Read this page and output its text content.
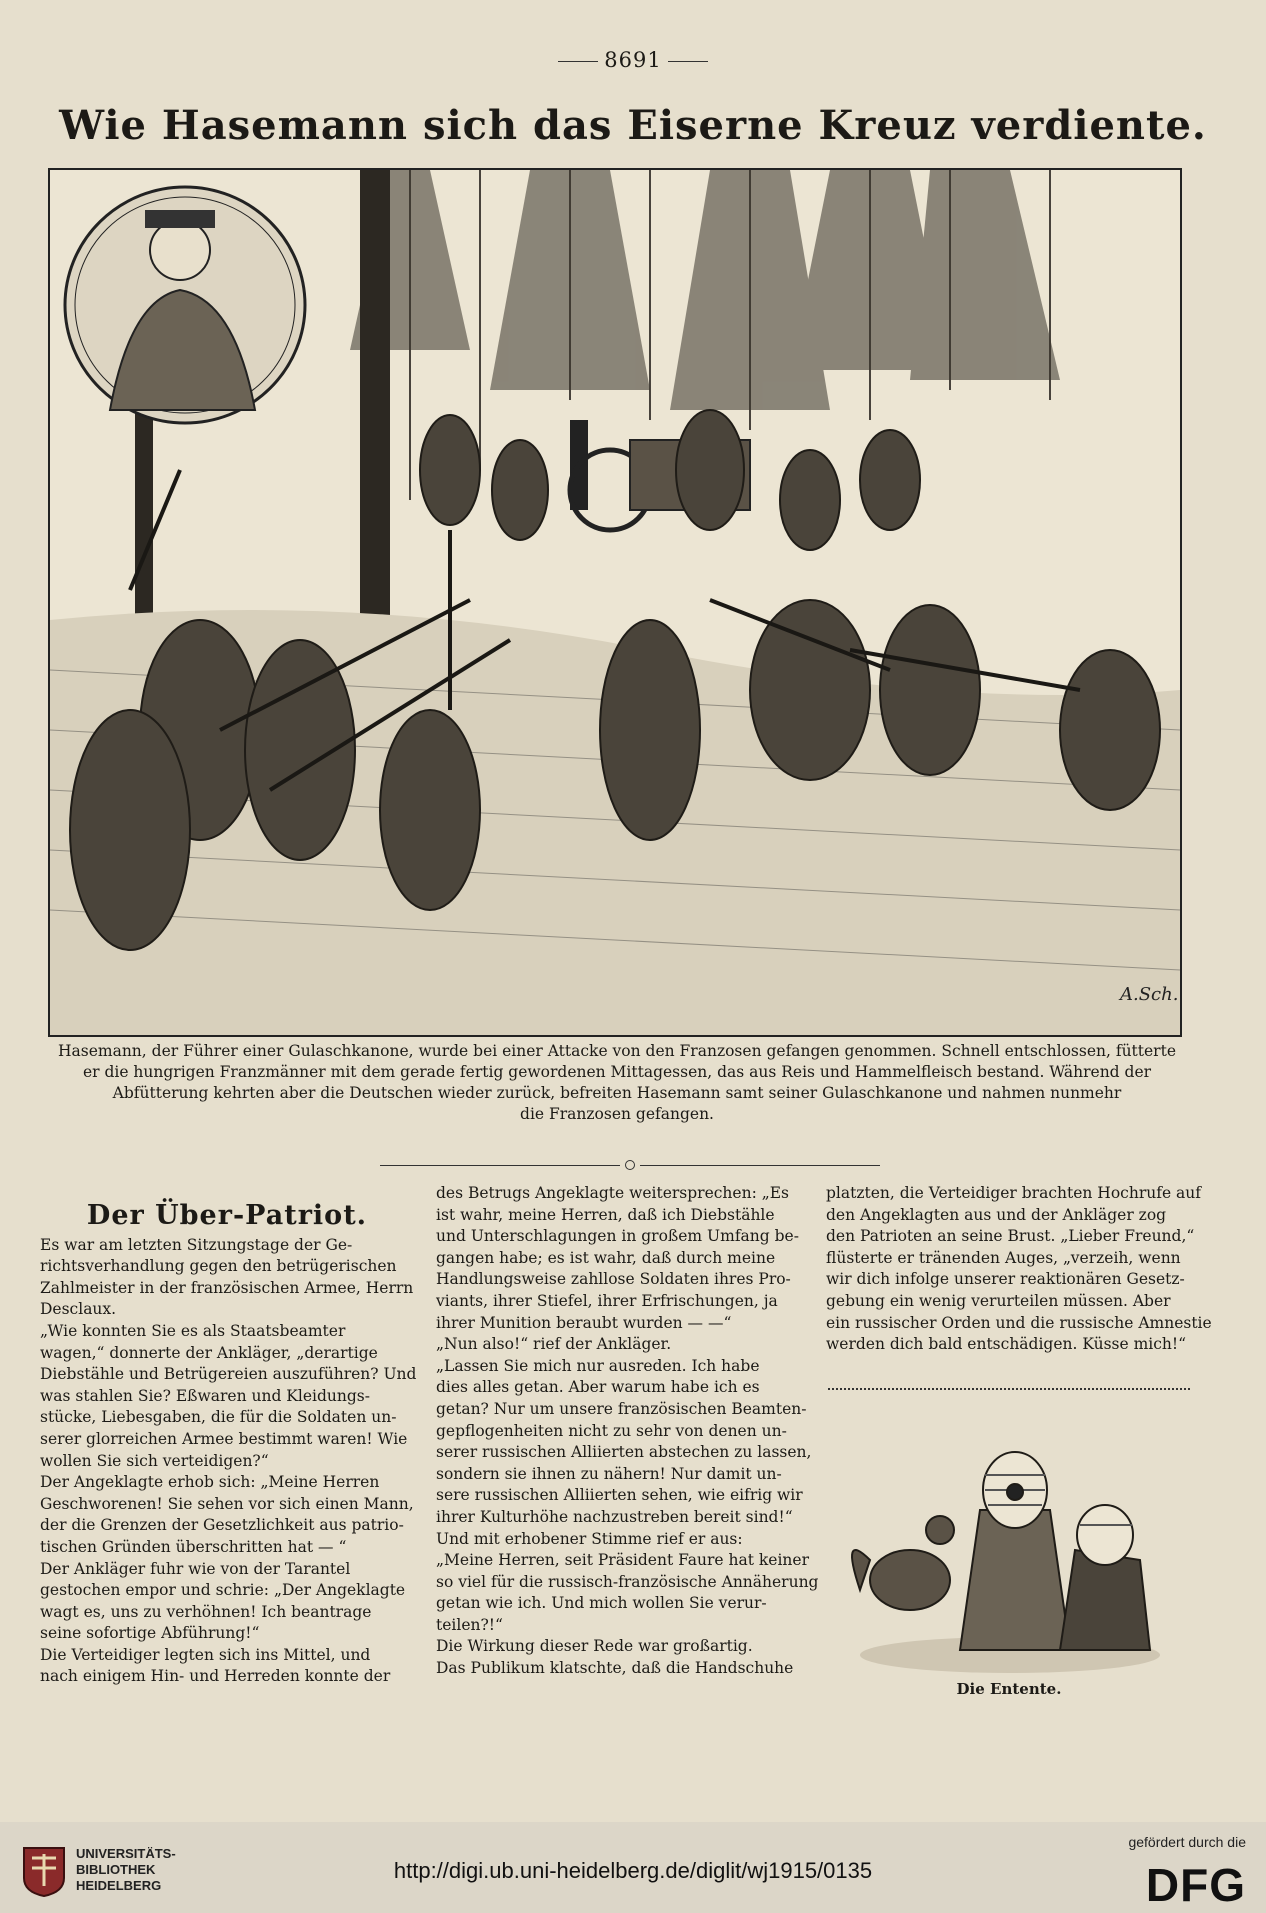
8691
Wie Hasemann sich das Eiserne Kreuz verdiente.
A.Sch.
Hasemann, der Führer einer Gulaschkanone, wurde bei einer Attacke von den Franzosen gefangen genommen. Schnell entschlossen, fütterte
er die hungrigen Franzmänner mit dem gerade fertig gewordenen Mittagessen, das aus Reis und Hammelfleisch bestand. Während der
Abfütterung kehrten aber die Deutschen wieder zurück, befreiten Hasemann samt seiner Gulaschkanone und nahmen nunmehr
die Franzosen gefangen.
Der Über-Patriot.
Es war am letzten Sitzungstage der Ge-
richtsverhandlung gegen den betrügerischen
Zahlmeister in der französischen Armee, Herrn
Desclaux.
„Wie konnten Sie es als Staatsbeamter
wagen,“ donnerte der Ankläger, „derartige
Diebstähle und Betrügereien auszuführen? Und
was stahlen Sie? Eßwaren und Kleidungs-
stücke, Liebesgaben, die für die Soldaten un-
serer glorreichen Armee bestimmt waren! Wie
wollen Sie sich verteidigen?“
Der Angeklagte erhob sich: „Meine Herren
Geschworenen! Sie sehen vor sich einen Mann,
der die Grenzen der Gesetzlichkeit aus patrio-
tischen Gründen überschritten hat — “
Der Ankläger fuhr wie von der Tarantel
gestochen empor und schrie: „Der Angeklagte
wagt es, uns zu verhöhnen! Ich beantrage
seine sofortige Abführung!“
Die Verteidiger legten sich ins Mittel, und
nach einigem Hin- und Herreden konnte der
des Betrugs Angeklagte weitersprechen: „Es
ist wahr, meine Herren, daß ich Diebstähle
und Unterschlagungen in großem Umfang be-
gangen habe; es ist wahr, daß durch meine
Handlungsweise zahllose Soldaten ihres Pro-
viants, ihrer Stiefel, ihrer Erfrischungen, ja
ihrer Munition beraubt wurden — —“
„Nun also!“ rief der Ankläger.
„Lassen Sie mich nur ausreden. Ich habe
dies alles getan. Aber warum habe ich es
getan? Nur um unsere französischen Beamten-
gepflogenheiten nicht zu sehr von denen un-
serer russischen Alliierten abstechen zu lassen,
sondern sie ihnen zu nähern! Nur damit un-
sere russischen Alliierten sehen, wie eifrig wir
ihrer Kulturhöhe nachzustreben bereit sind!“
Und mit erhobener Stimme rief er aus:
„Meine Herren, seit Präsident Faure hat keiner
so viel für die russisch-französische Annäherung
getan wie ich. Und mich wollen Sie verur-
teilen?!“
Die Wirkung dieser Rede war großartig.
Das Publikum klatschte, daß die Handschuhe
platzten, die Verteidiger brachten Hochrufe auf
den Angeklagten aus und der Ankläger zog
den Patrioten an seine Brust. „Lieber Freund,“
flüsterte er tränenden Auges, „verzeih, wenn
wir dich infolge unserer reaktionären Gesetz-
gebung ein wenig verurteilen müssen. Aber
ein russischer Orden und die russische Amnestie
werden dich bald entschädigen. Küsse mich!“
Die Entente.
UNIVERSITÄTS-
BIBLIOTHEK
HEIDELBERG
http://digi.ub.uni-heidelberg.de/diglit/wj1915/0135
gefördert durch die
DFG
